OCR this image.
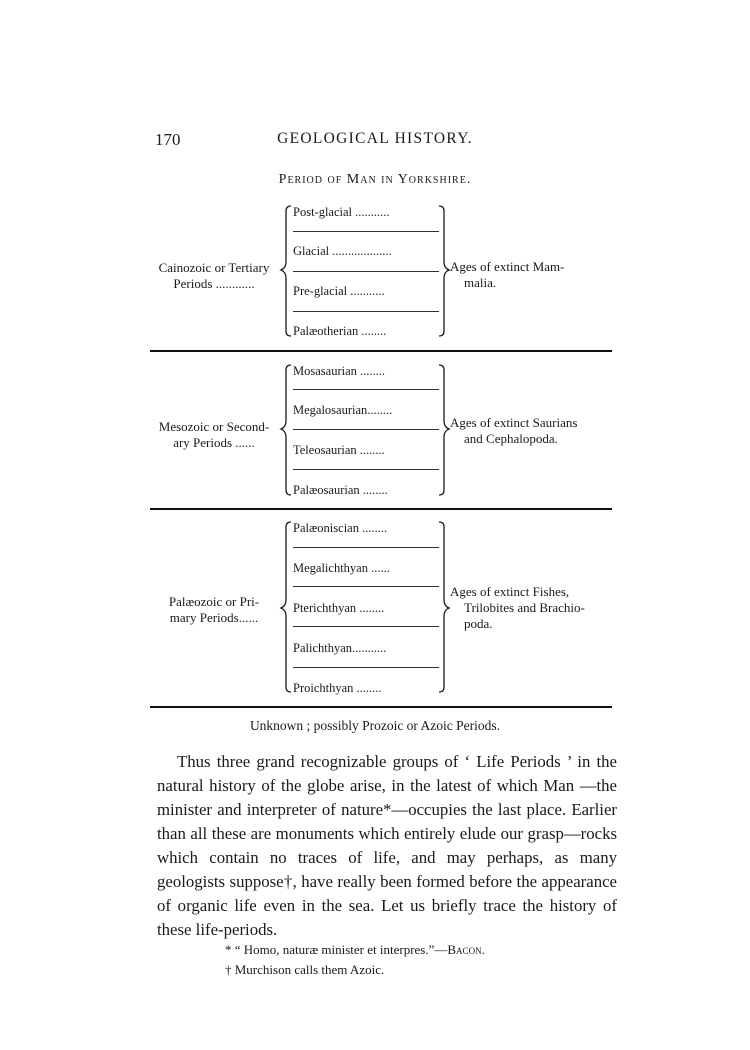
170	GEOLOGICAL HISTORY.
Period of Man in Yorkshire.
Cainozoic or Tertiary
Periods ............
Post-glacial ...........
Glacial ...................
Pre-glacial ...........
Palæotherian ........
Ages of extinct Mam-
malia.
Mesozoic or Second-
ary Periods ......
Mosasaurian ........
Megalosaurian........
Teleosaurian ........
Palæosaurian ........
Ages of extinct Saurians
and Cephalopoda.
Palæozoic or Pri-
mary Periods......
Palæoniscian ........
Megalichthyan ......
Pterichthyan ........
Palichthyan...........
Proichthyan ........
Ages of extinct Fishes,
Trilobites and Brachio-
poda.
Unknown ; possibly Prozoic or Azoic Periods.

Thus three grand recognizable groups of ‘ Life Periods ’ in the natural history of the globe arise, in the latest of which Man —the minister and interpreter of nature*—occupies the last place. Earlier than all these are monuments which entirely elude our grasp—rocks which contain no traces of life, and may perhaps, as many geologists suppose†, have really been formed before the appearance of organic life even in the sea. Let us briefly trace the history of these life-periods.

* “ Homo, naturæ minister et interpres.”—Bacon.
† Murchison calls them Azoic.
